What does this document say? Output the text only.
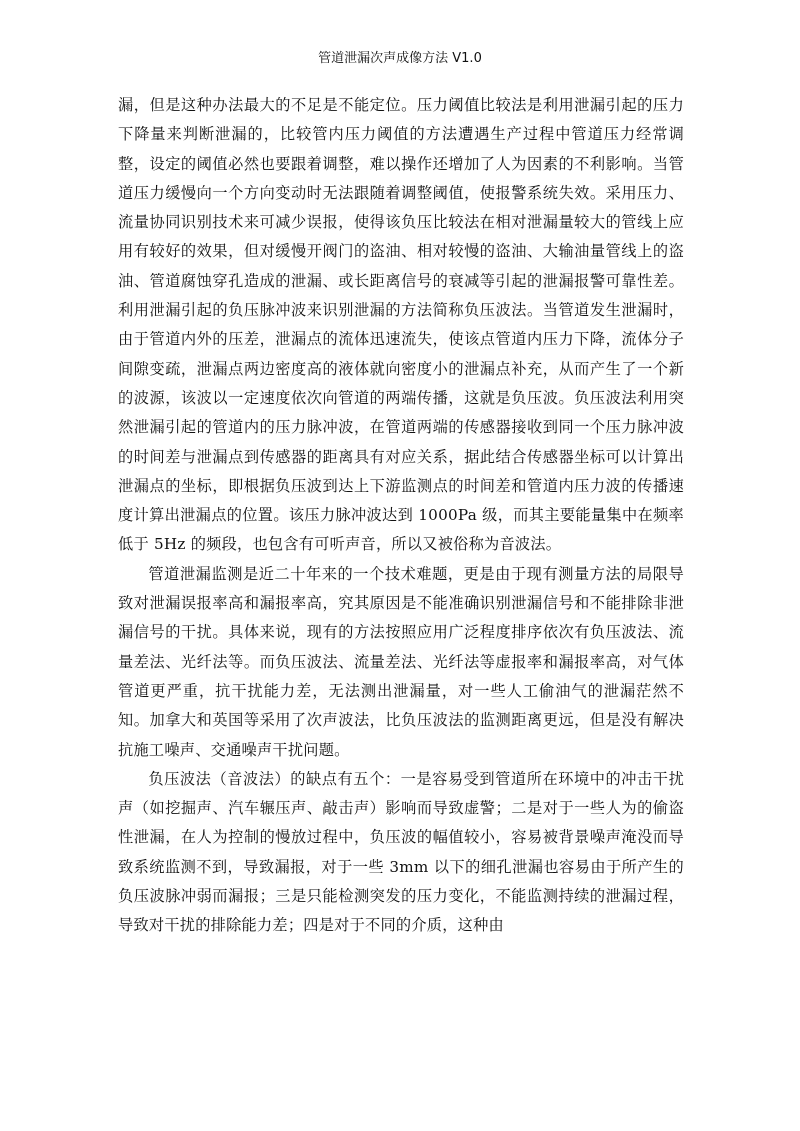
管道泄漏次声成像方法 V1.0

漏，但是这种办法最大的不足是不能定位。压力阈值比较法是利用泄漏引起的压力下降量来判断泄漏的，比较管内压力阈值的方法遭遇生产过程中管道压力经常调整，设定的阈值必然也要跟着调整，难以操作还增加了人为因素的不利影响。当管道压力缓慢向一个方向变动时无法跟随着调整阈值，使报警系统失效。采用压力、流量协同识别技术来可减少误报，使得该负压比较法在相对泄漏量较大的管线上应用有较好的效果，但对缓慢开阀门的盗油、相对较慢的盗油、大输油量管线上的盗油、管道腐蚀穿孔造成的泄漏、或长距离信号的衰减等引起的泄漏报警可靠性差。利用泄漏引起的负压脉冲波来识别泄漏的方法简称负压波法。当管道发生泄漏时，由于管道内外的压差，泄漏点的流体迅速流失，使该点管道内压力下降，流体分子间隙变疏，泄漏点两边密度高的液体就向密度小的泄漏点补充，从而产生了一个新的波源，该波以一定速度依次向管道的两端传播，这就是负压波。负压波法利用突然泄漏引起的管道内的压力脉冲波，在管道两端的传感器接收到同一个压力脉冲波的时间差与泄漏点到传感器的距离具有对应关系，据此结合传感器坐标可以计算出泄漏点的坐标，即根据负压波到达上下游监测点的时间差和管道内压力波的传播速度计算出泄漏点的位置。该压力脉冲波达到 1000Pa 级，而其主要能量集中在频率低于 5Hz 的频段，也包含有可听声音，所以又被俗称为音波法。

管道泄漏监测是近二十年来的一个技术难题，更是由于现有测量方法的局限导致对泄漏误报率高和漏报率高，究其原因是不能准确识别泄漏信号和不能排除非泄漏信号的干扰。具体来说，现有的方法按照应用广泛程度排序依次有负压波法、流量差法、光纤法等。而负压波法、流量差法、光纤法等虚报率和漏报率高，对气体管道更严重，抗干扰能力差，无法测出泄漏量，对一些人工偷油气的泄漏茫然不知。加拿大和英国等采用了次声波法，比负压波法的监测距离更远，但是没有解决抗施工噪声、交通噪声干扰问题。

负压波法（音波法）的缺点有五个：一是容易受到管道所在环境中的冲击干扰声（如挖掘声、汽车辗压声、敲击声）影响而导致虚警；二是对于一些人为的偷盗性泄漏，在人为控制的慢放过程中，负压波的幅值较小，容易被背景噪声淹没而导致系统监测不到，导致漏报，对于一些 3mm 以下的细孔泄漏也容易由于所产生的负压波脉冲弱而漏报；三是只能检测突发的压力变化，不能监测持续的泄漏过程，导致对干扰的排除能力差；四是对于不同的介质，这种由
